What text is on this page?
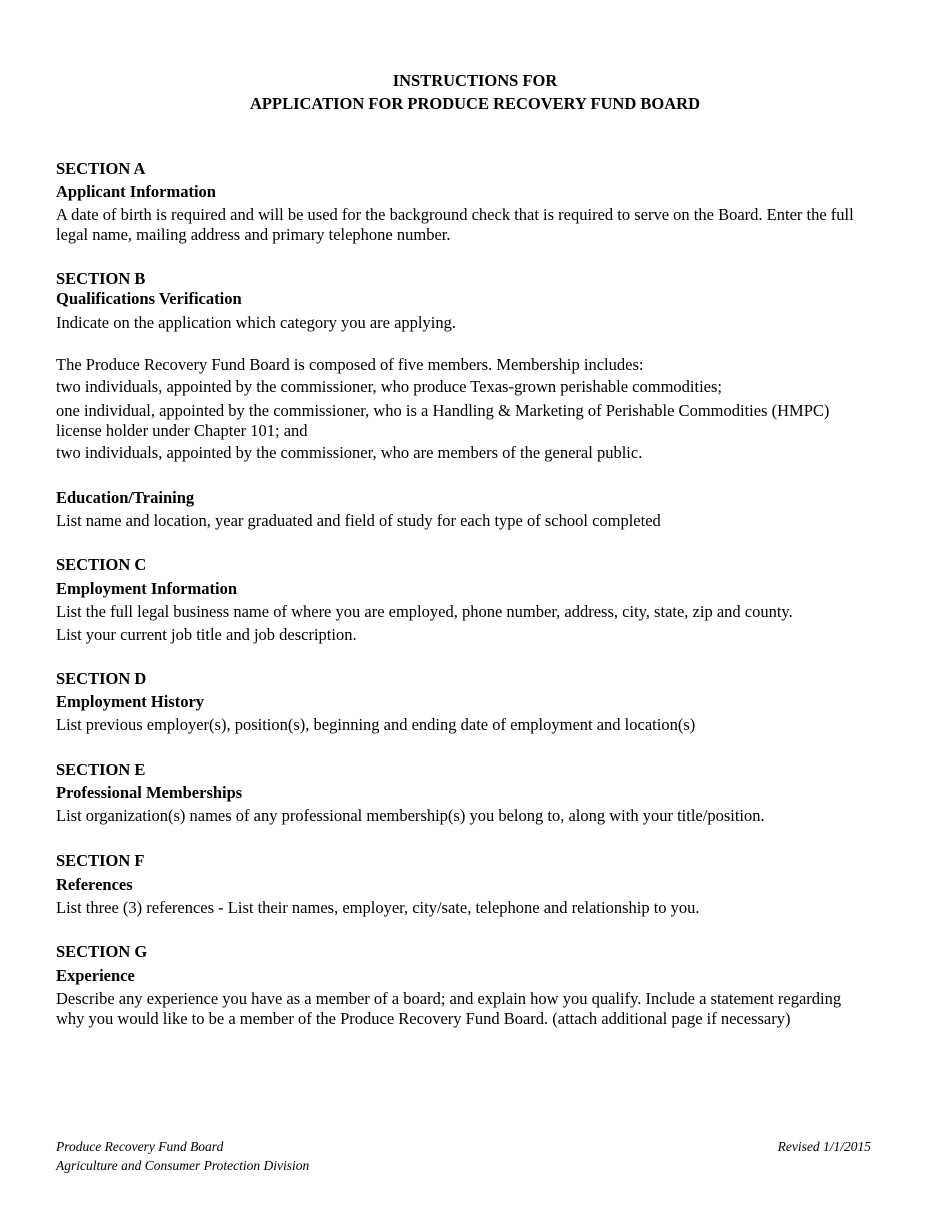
INSTRUCTIONS FOR
APPLICATION FOR PRODUCE RECOVERY FUND BOARD
SECTION A
Applicant Information
A date of birth is required and will be used for the background check that is required to serve on the Board. Enter the full
legal name, mailing address and primary telephone number.
SECTION B
Qualifications Verification
Indicate on the application which category you are applying.
The Produce Recovery Fund Board is composed of five members. Membership includes:
two individuals, appointed by the commissioner, who produce Texas-grown perishable commodities;
one individual, appointed by the commissioner, who is a Handling & Marketing of Perishable Commodities (HMPC)
license holder under Chapter 101; and
two individuals, appointed by the commissioner, who are members of the general public.
Education/Training
List name and location, year graduated and field of study for each type of school completed
SECTION C
Employment Information
List the full legal business name of where you are employed, phone number, address, city, state, zip and county.
List your current job title and job description.
SECTION D
Employment History
List previous employer(s), position(s), beginning and ending date of employment and location(s)
SECTION E
Professional Memberships
List organization(s) names of any professional membership(s) you belong to, along with your title/position.
SECTION F
References
List three (3) references - List their names, employer, city/sate, telephone and relationship to you.
SECTION G
Experience
Describe any experience you have as a member of a board; and explain how you qualify. Include a statement regarding
why you would like to be a member of the Produce Recovery Fund Board. (attach additional page if necessary)
Produce Recovery Fund Board
Agriculture and Consumer Protection Division
Revised 1/1/2015
